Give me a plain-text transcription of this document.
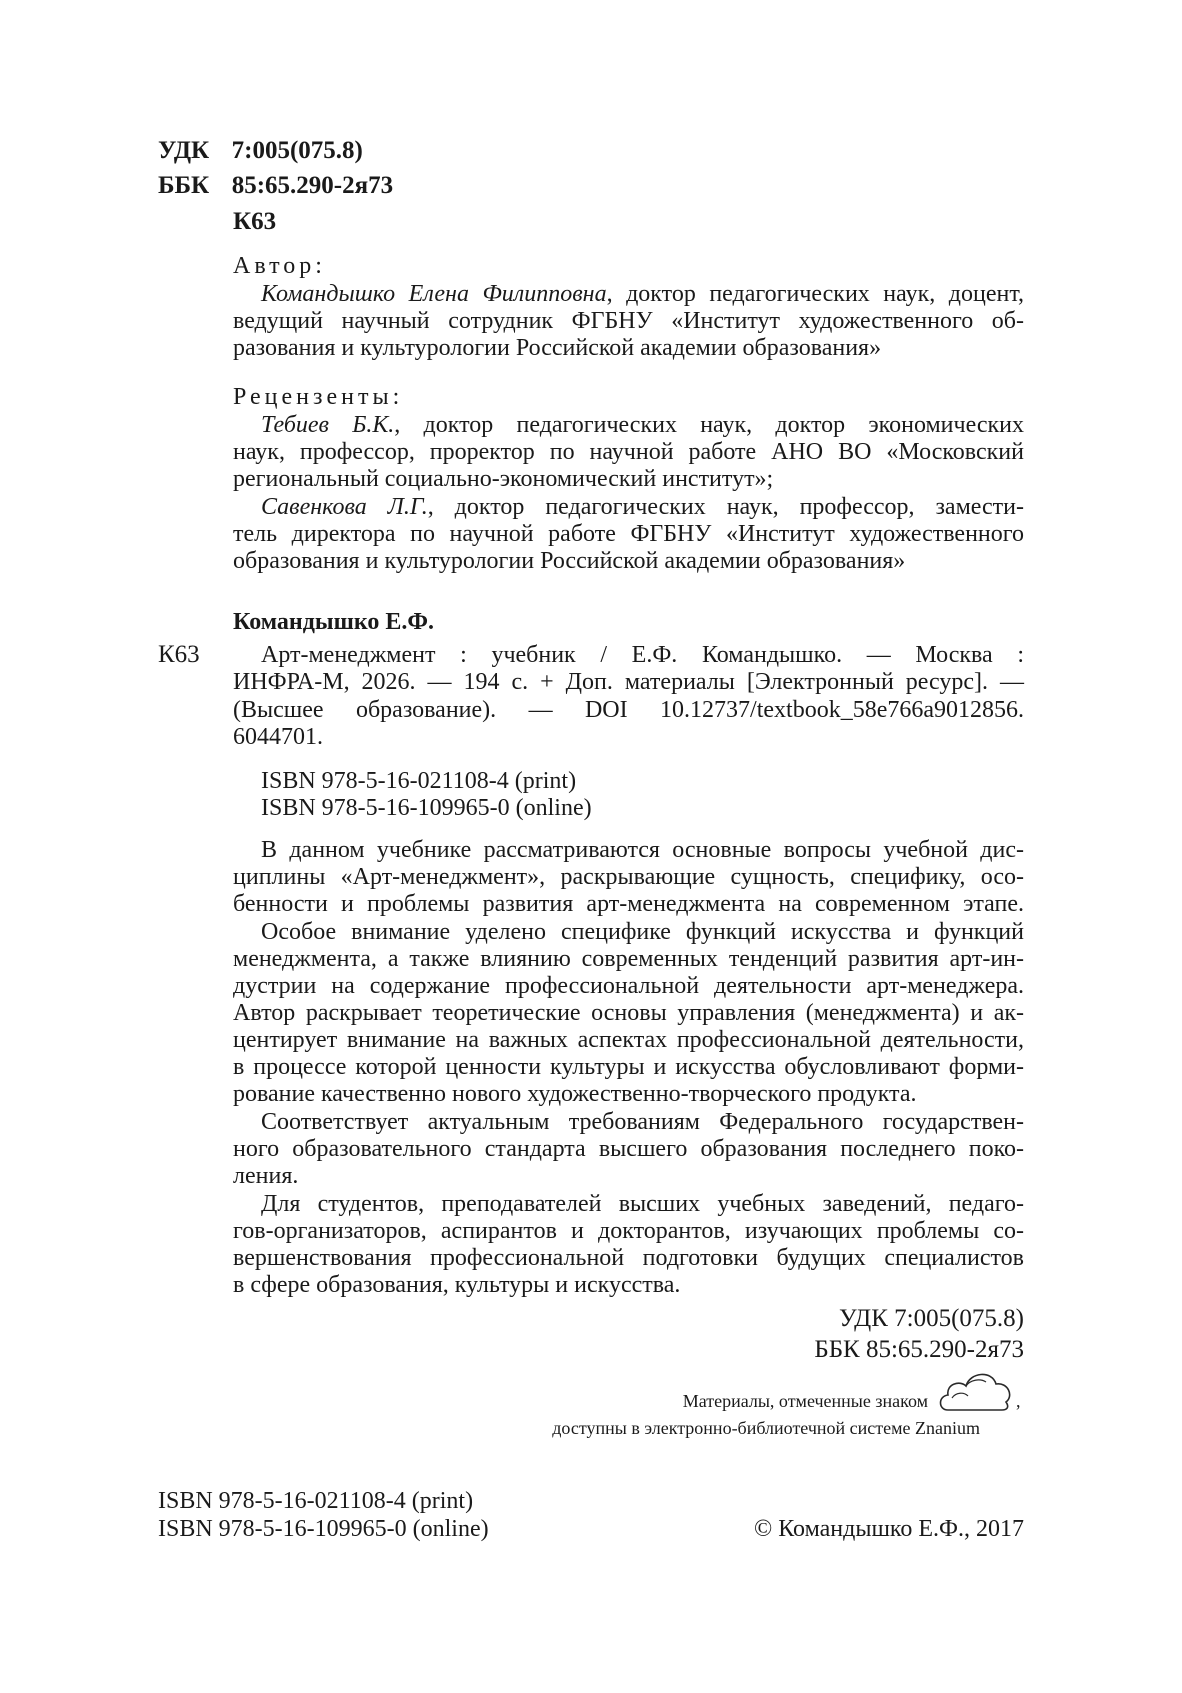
УДК 7:005(075.8)
ББК 85:65.290-2я73
К63
Автор:
Командышко Елена Филипповна, доктор педагогических наук, доцент,
ведущий научный сотрудник ФГБНУ «Институт художественного об-
разования и культурологии Российской академии образования»
Рецензенты:
Тебиев Б.К., доктор педагогических наук, доктор экономических
наук, профессор, проректор по научной работе АНО ВО «Московский
региональный социально-экономический институт»;
Савенкова Л.Г., доктор педагогических наук, профессор, замести-
тель директора по научной работе ФГБНУ «Институт художественного
образования и культурологии Российской академии образования»
Командышко Е.Ф.
К63	Арт-менеджмент : учебник / Е.Ф. Командышко. — Москва :
ИНФРА-М, 2026. — 194 с. + Доп. материалы [Электронный ресурс]. —
(Высшее образование). — DOI 10.12737/textbook_58e766a9012856.
6044701.
ISBN 978-5-16-021108-4 (print)
ISBN 978-5-16-109965-0 (online)
В данном учебнике рассматриваются основные вопросы учебной дис-
циплины «Арт-менеджмент», раскрывающие сущность, специфику, осо-
бенности и проблемы развития арт-менеджмента на современном этапе.
Особое внимание уделено специфике функций искусства и функций
менеджмента, а также влиянию современных тенденций развития арт-ин-
дустрии на содержание профессиональной деятельности арт-менеджера.
Автор раскрывает теоретические основы управления (менеджмента) и ак-
центирует внимание на важных аспектах профессиональной деятельности,
в процессе которой ценности культуры и искусства обусловливают форми-
рование качественно нового художественно-творческого продукта.
Соответствует актуальным требованиям Федерального государствен-
ного образовательного стандарта высшего образования последнего поко-
ления.
Для студентов, преподавателей высших учебных заведений, педаго-
гов-организаторов, аспирантов и докторантов, изучающих проблемы со-
вершенствования профессиональной подготовки будущих специалистов
в сфере образования, культуры и искусства.
УДК 7:005(075.8)
ББК 85:65.290-2я73
Материалы, отмеченные знаком	,
доступны в электронно-библиотечной системе Znanium
ISBN 978-5-16-021108-4 (print)
ISBN 978-5-16-109965-0 (online)	© Командышко Е.Ф., 2017
